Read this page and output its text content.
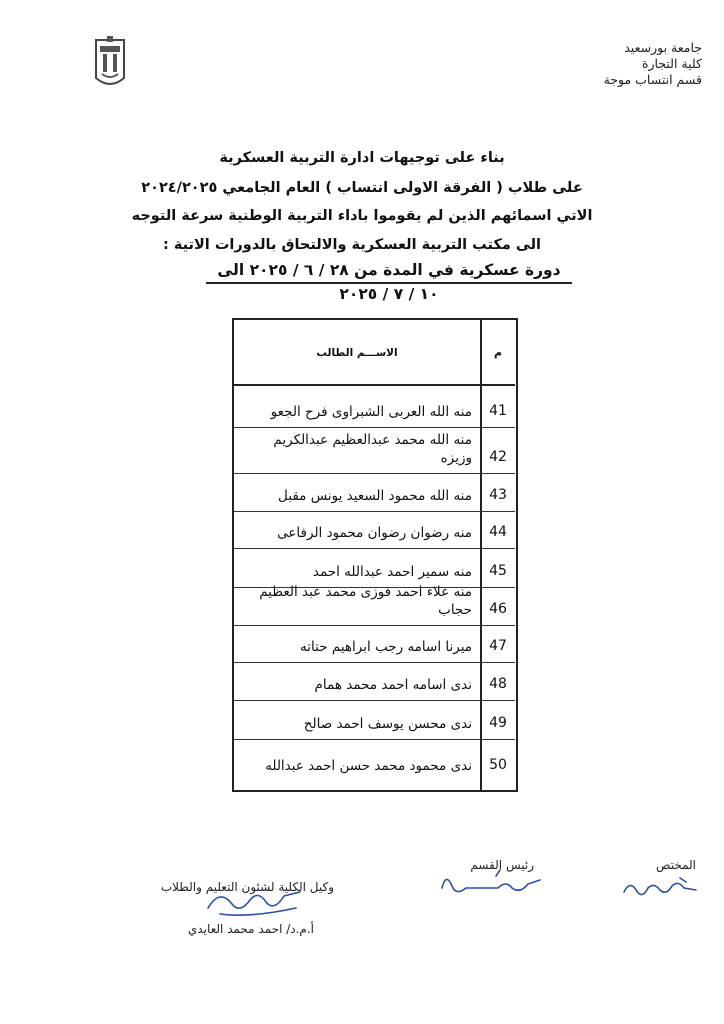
جامعة بورسعيد
كلية التجارة
قسم انتساب موجة
بناء على توجيهات ادارة التربية العسكرية
على طلاب ( الفرقة الاولى انتساب ) العام الجامعي ٢٠٢٤/٢٠٢٥
الاتي اسمائهم الذين لم يقوموا باداء التربية الوطنية سرعة التوجه
الى مكتب التربية العسكرية والالتحاق بالدورات الاتية :
دورة عسكرية في المدة من ٢٨ / ٦ / ٢٠٢٥ الى ١٠ / ٧ / ٢٠٢٥
الاســـم الطالب	م
منه الله العربى الشبراوى فرح الجعو	41
منه الله محمد عبدالعظيم عبدالكريم وزيزه	42
منه الله محمود السعيد يونس مقبل	43
منه رضوان رضوان محمود الرفاعى	44
منه سمير احمد عبدالله احمد	45
منه علاء احمد فوزى محمد عبد العظيم حجاب	46
ميرنا اسامه رجب ابراهيم حتاته	47
ندى اسامه احمد محمد همام	48
ندى محسن يوسف احمد صالح	49
ندى محمود محمد حسن احمد عبدالله	50
المختص
رئيس القسم
وكيل الكلية لشئون التعليم والطلاب
أ.م.د/ احمد محمد العايدي
